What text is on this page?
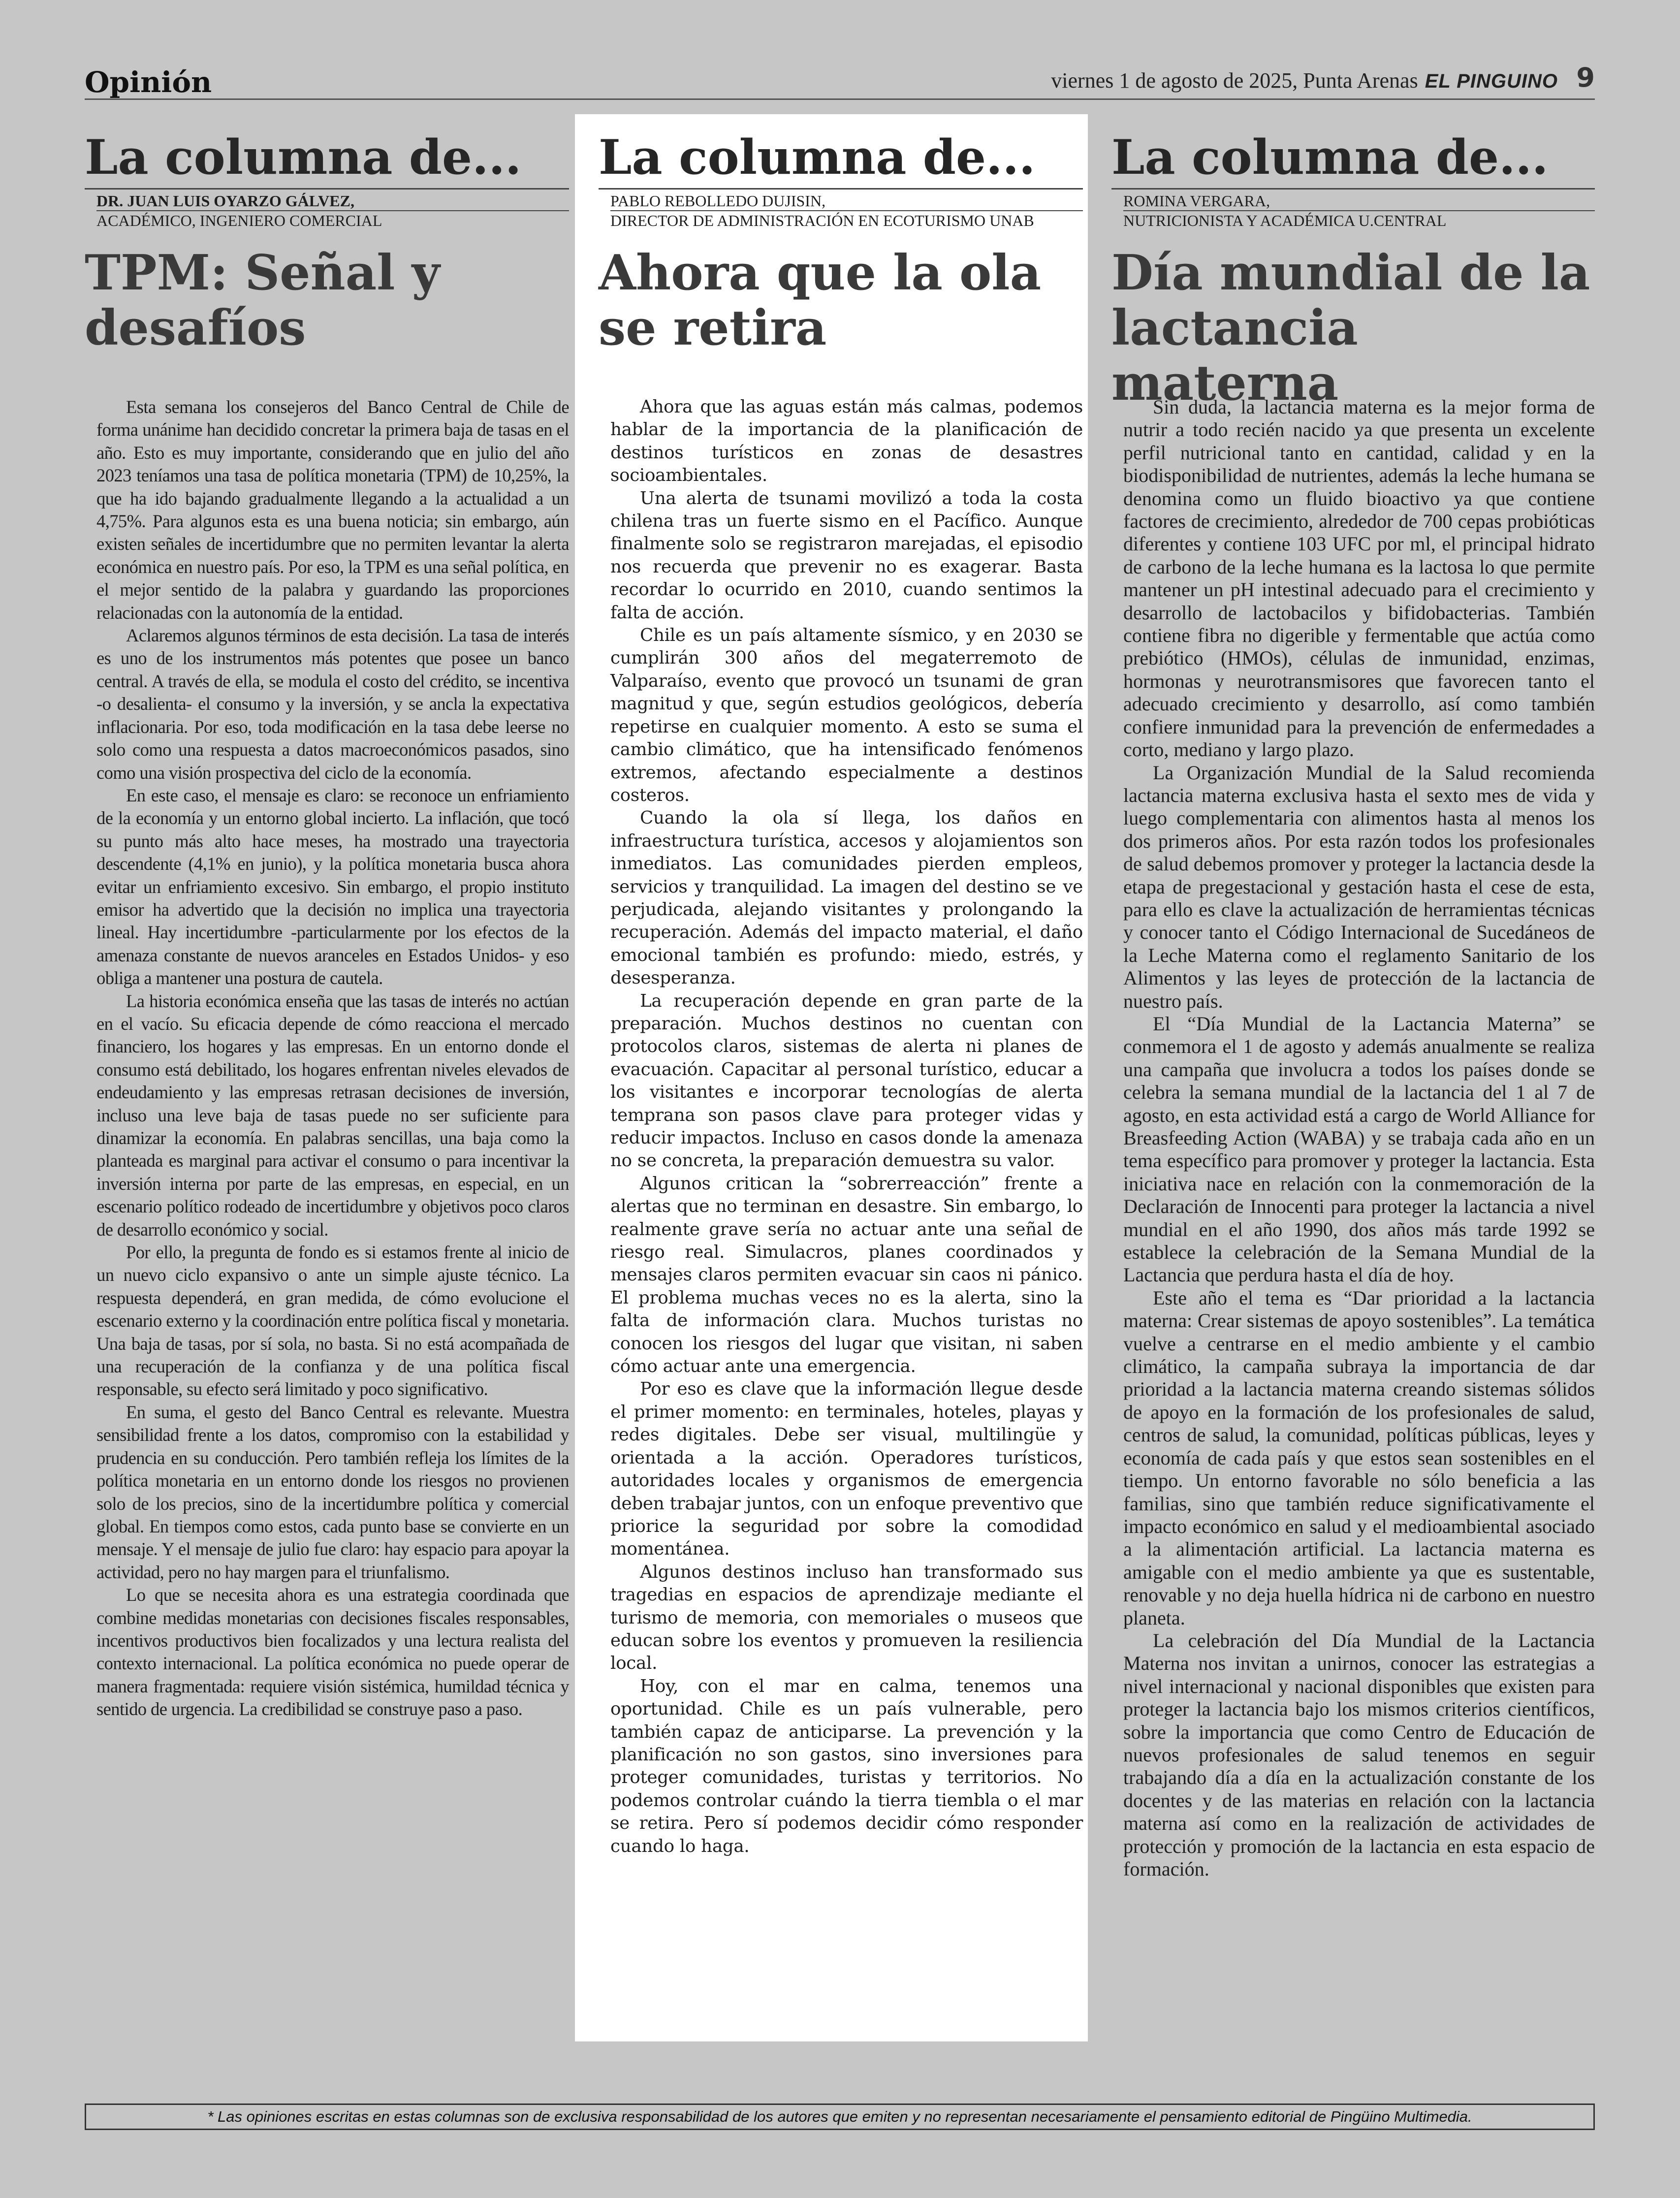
Opinión	viernes 1 de agosto de 2025, Punta Arenas EL PINGUINO 9
La columna de...
DR. JUAN LUIS OYARZO GÁLVEZ,
ACADÉMICO, INGENIERO COMERCIAL
TPM: Señal y desafíos

Esta semana los consejeros del Banco Central de Chile de forma unánime han decidido concretar la primera baja de tasas en el año. Esto es muy importante, considerando que en julio del año 2023 teníamos una tasa de política monetaria (TPM) de 10,25%, la que ha ido bajando gradualmente llegando a la actualidad a un 4,75%. Para algunos esta es una buena noticia; sin embargo, aún existen señales de incertidumbre que no permiten levantar la alerta económica en nuestro país. Por eso, la TPM es una señal política, en el mejor sentido de la palabra y guardando las proporciones relacionadas con la autonomía de la entidad.

Aclaremos algunos términos de esta decisión. La tasa de interés es uno de los instrumentos más potentes que posee un banco central. A través de ella, se modula el costo del crédito, se incentiva -o desalienta- el consumo y la inversión, y se ancla la expectativa inflacionaria. Por eso, toda modificación en la tasa debe leerse no solo como una respuesta a datos macroeconómicos pasados, sino como una visión prospectiva del ciclo de la economía.

En este caso, el mensaje es claro: se reconoce un enfriamiento de la economía y un entorno global incierto. La inflación, que tocó su punto más alto hace meses, ha mostrado una trayectoria descendente (4,1% en junio), y la política monetaria busca ahora evitar un enfriamiento excesivo. Sin embargo, el propio instituto emisor ha advertido que la decisión no implica una trayectoria lineal. Hay incertidumbre -particularmente por los efectos de la amenaza constante de nuevos aranceles en Estados Unidos- y eso obliga a mantener una postura de cautela.

La historia económica enseña que las tasas de interés no actúan en el vacío. Su eficacia depende de cómo reacciona el mercado financiero, los hogares y las empresas. En un entorno donde el consumo está debilitado, los hogares enfrentan niveles elevados de endeudamiento y las empresas retrasan decisiones de inversión, incluso una leve baja de tasas puede no ser suficiente para dinamizar la economía. En palabras sencillas, una baja como la planteada es marginal para activar el consumo o para incentivar la inversión interna por parte de las empresas, en especial, en un escenario político rodeado de incertidumbre y objetivos poco claros de desarrollo económico y social.

Por ello, la pregunta de fondo es si estamos frente al inicio de un nuevo ciclo expansivo o ante un simple ajuste técnico. La respuesta dependerá, en gran medida, de cómo evolucione el escenario externo y la coordinación entre política fiscal y monetaria. Una baja de tasas, por sí sola, no basta. Si no está acompañada de una recuperación de la confianza y de una política fiscal responsable, su efecto será limitado y poco significativo.

En suma, el gesto del Banco Central es relevante. Muestra sensibilidad frente a los datos, compromiso con la estabilidad y prudencia en su conducción. Pero también refleja los límites de la política monetaria en un entorno donde los riesgos no provienen solo de los precios, sino de la incertidumbre política y comercial global. En tiempos como estos, cada punto base se convierte en un mensaje. Y el mensaje de julio fue claro: hay espacio para apoyar la actividad, pero no hay margen para el triunfalismo.

Lo que se necesita ahora es una estrategia coordinada que combine medidas monetarias con decisiones fiscales responsables, incentivos productivos bien focalizados y una lectura realista del contexto internacional. La política económica no puede operar de manera fragmentada: requiere visión sistémica, humildad técnica y sentido de urgencia. La credibilidad se construye paso a paso.

La columna de...
PABLO REBOLLEDO DUJISIN,
DIRECTOR DE ADMINISTRACIÓN EN ECOTURISMO UNAB
Ahora que la ola se retira

Ahora que las aguas están más calmas, podemos hablar de la importancia de la planificación de destinos turísticos en zonas de desastres socioambientales.

Una alerta de tsunami movilizó a toda la costa chilena tras un fuerte sismo en el Pacífico. Aunque finalmente solo se registraron marejadas, el episodio nos recuerda que prevenir no es exagerar. Basta recordar lo ocurrido en 2010, cuando sentimos la falta de acción.

Chile es un país altamente sísmico, y en 2030 se cumplirán 300 años del megaterremoto de Valparaíso, evento que provocó un tsunami de gran magnitud y que, según estudios geológicos, debería repetirse en cualquier momento. A esto se suma el cambio climático, que ha intensificado fenómenos extremos, afectando especialmente a destinos costeros.

Cuando la ola sí llega, los daños en infraestructura turística, accesos y alojamientos son inmediatos. Las comunidades pierden empleos, servicios y tranquilidad. La imagen del destino se ve perjudicada, alejando visitantes y prolongando la recuperación. Además del impacto material, el daño emocional también es profundo: miedo, estrés, y desesperanza.

La recuperación depende en gran parte de la preparación. Muchos destinos no cuentan con protocolos claros, sistemas de alerta ni planes de evacuación. Capacitar al personal turístico, educar a los visitantes e incorporar tecnologías de alerta temprana son pasos clave para proteger vidas y reducir impactos. Incluso en casos donde la amenaza no se concreta, la preparación demuestra su valor.

Algunos critican la “sobrerreacción” frente a alertas que no terminan en desastre. Sin embargo, lo realmente grave sería no actuar ante una señal de riesgo real. Simulacros, planes coordinados y mensajes claros permiten evacuar sin caos ni pánico. El problema muchas veces no es la alerta, sino la falta de información clara. Muchos turistas no conocen los riesgos del lugar que visitan, ni saben cómo actuar ante una emergencia.

Por eso es clave que la información llegue desde el primer momento: en terminales, hoteles, playas y redes digitales. Debe ser visual, multilingüe y orientada a la acción. Operadores turísticos, autoridades locales y organismos de emergencia deben trabajar juntos, con un enfoque preventivo que priorice la seguridad por sobre la comodidad momentánea.

Algunos destinos incluso han transformado sus tragedias en espacios de aprendizaje mediante el turismo de memoria, con memoriales o museos que educan sobre los eventos y promueven la resiliencia local.

Hoy, con el mar en calma, tenemos una oportunidad. Chile es un país vulnerable, pero también capaz de anticiparse. La prevención y la planificación no son gastos, sino inversiones para proteger comunidades, turistas y territorios. No podemos controlar cuándo la tierra tiembla o el mar se retira. Pero sí podemos decidir cómo responder cuando lo haga.

La columna de...
ROMINA VERGARA,
NUTRICIONISTA Y ACADÉMICA U.CENTRAL
Día mundial de la lactancia materna

Sin duda, la lactancia materna es la mejor forma de nutrir a todo recién nacido ya que presenta un excelente perfil nutricional tanto en cantidad, calidad y en la biodisponibilidad de nutrientes, además la leche humana se denomina como un fluido bioactivo ya que contiene factores de crecimiento, alrededor de 700 cepas probióticas diferentes y contiene 103 UFC por ml, el principal hidrato de carbono de la leche humana es la lactosa lo que permite mantener un pH intestinal adecuado para el crecimiento y desarrollo de lactobacilos y bifidobacterias. También contiene fibra no digerible y fermentable que actúa como prebiótico (HMOs), células de inmunidad, enzimas, hormonas y neurotransmisores que favorecen tanto el adecuado crecimiento y desarrollo, así como también confiere inmunidad para la prevención de enfermedades a corto, mediano y largo plazo.

La Organización Mundial de la Salud recomienda lactancia materna exclusiva hasta el sexto mes de vida y luego complementaria con alimentos hasta al menos los dos primeros años. Por esta razón todos los profesionales de salud debemos promover y proteger la lactancia desde la etapa de pregestacional y gestación hasta el cese de esta, para ello es clave la actualización de herramientas técnicas y conocer tanto el Código Internacional de Sucedáneos de la Leche Materna como el reglamento Sanitario de los Alimentos y las leyes de protección de la lactancia de nuestro país.

El “Día Mundial de la Lactancia Materna” se conmemora el 1 de agosto y además anualmente se realiza una campaña que involucra a todos los países donde se celebra la semana mundial de la lactancia del 1 al 7 de agosto, en esta actividad está a cargo de World Alliance for Breasfeeding Action (WABA) y se trabaja cada año en un tema específico para promover y proteger la lactancia. Esta iniciativa nace en relación con la conmemoración de la Declaración de Innocenti para proteger la lactancia a nivel mundial en el año 1990, dos años más tarde 1992 se establece la celebración de la Semana Mundial de la Lactancia que perdura hasta el día de hoy.

Este año el tema es “Dar prioridad a la lactancia materna: Crear sistemas de apoyo sostenibles”. La temática vuelve a centrarse en el medio ambiente y el cambio climático, la campaña subraya la importancia de dar prioridad a la lactancia materna creando sistemas sólidos de apoyo en la formación de los profesionales de salud, centros de salud, la comunidad, políticas públicas, leyes y economía de cada país y que estos sean sostenibles en el tiempo. Un entorno favorable no sólo beneficia a las familias, sino que también reduce significativamente el impacto económico en salud y el medioambiental asociado a la alimentación artificial. La lactancia materna es amigable con el medio ambiente ya que es sustentable, renovable y no deja huella hídrica ni de carbono en nuestro planeta.

La celebración del Día Mundial de la Lactancia Materna nos invitan a unirnos, conocer las estrategias a nivel internacional y nacional disponibles que existen para proteger la lactancia bajo los mismos criterios científicos, sobre la importancia que como Centro de Educación de nuevos profesionales de salud tenemos en seguir trabajando día a día en la actualización constante de los docentes y de las materias en relación con la lactancia materna así como en la realización de actividades de protección y promoción de la lactancia en esta espacio de formación.

* Las opiniones escritas en estas columnas son de exclusiva responsabilidad de los autores que emiten y no representan necesariamente el pensamiento editorial de Pingüino Multimedia.
